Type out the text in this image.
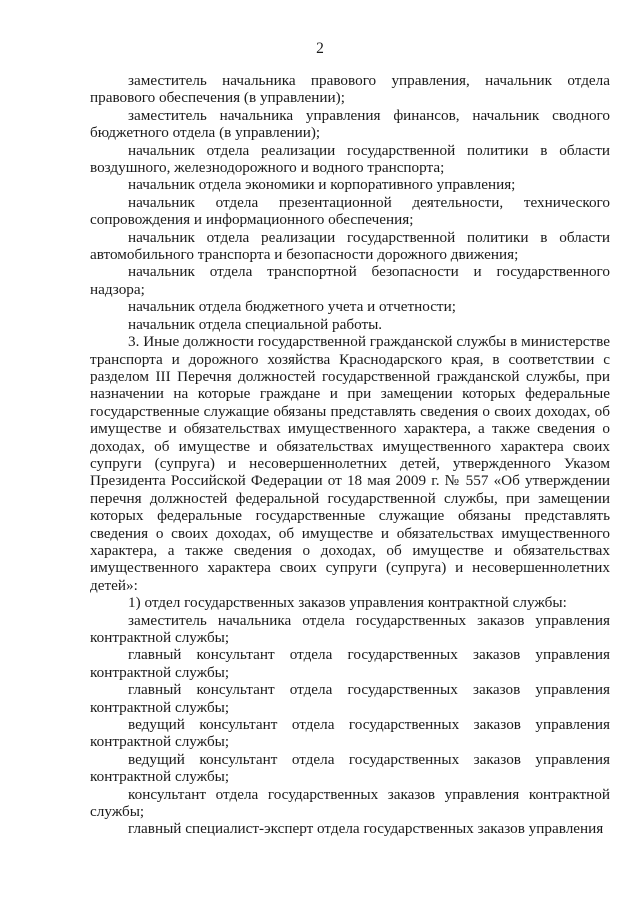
2

заместитель начальника правового управления, начальник отдела правового обеспечения (в управлении);

заместитель начальника управления финансов, начальник сводного бюджетного отдела (в управлении);

начальник отдела реализации государственной политики в области воздушного, железнодорожного и водного транспорта;

начальник отдела экономики и корпоративного управления;

начальник отдела презентационной деятельности, технического сопровождения и информационного обеспечения;

начальник отдела реализации государственной политики в области автомобильного транспорта и безопасности дорожного движения;

начальник отдела транспортной безопасности и государственного надзора;

начальник отдела бюджетного учета и отчетности;

начальник отдела специальной работы.

3. Иные должности государственной гражданской службы в министерстве транспорта и дорожного хозяйства Краснодарского края, в соответствии с разделом III Перечня должностей государственной гражданской службы, при назначении на которые граждане и при замещении которых федеральные государственные служащие обязаны представлять сведения о своих доходах, об имуществе и обязательствах имущественного характера, а также сведения о доходах, об имуществе и обязательствах имущественного характера своих супруги (супруга) и несовершеннолетних детей, утвержденного Указом Президента Российской Федерации от 18 мая 2009 г. № 557 «Об утверждении перечня должностей федеральной государственной службы, при замещении которых федеральные государственные служащие обязаны представлять сведения о своих доходах, об имуществе и обязательствах имущественного характера, а также сведения о доходах, об имуществе и обязательствах имущественного характера своих супруги (супруга) и несовершеннолетних детей»:

1) отдел государственных заказов управления контрактной службы:

заместитель начальника отдела государственных заказов управления контрактной службы;

главный консультант отдела государственных заказов управления контрактной службы;

главный консультант отдела государственных заказов управления контрактной службы;

ведущий консультант отдела государственных заказов управления контрактной службы;

ведущий консультант отдела государственных заказов управления контрактной службы;

консультант отдела государственных заказов управления контрактной службы;

главный специалист-эксперт отдела государственных заказов управления
